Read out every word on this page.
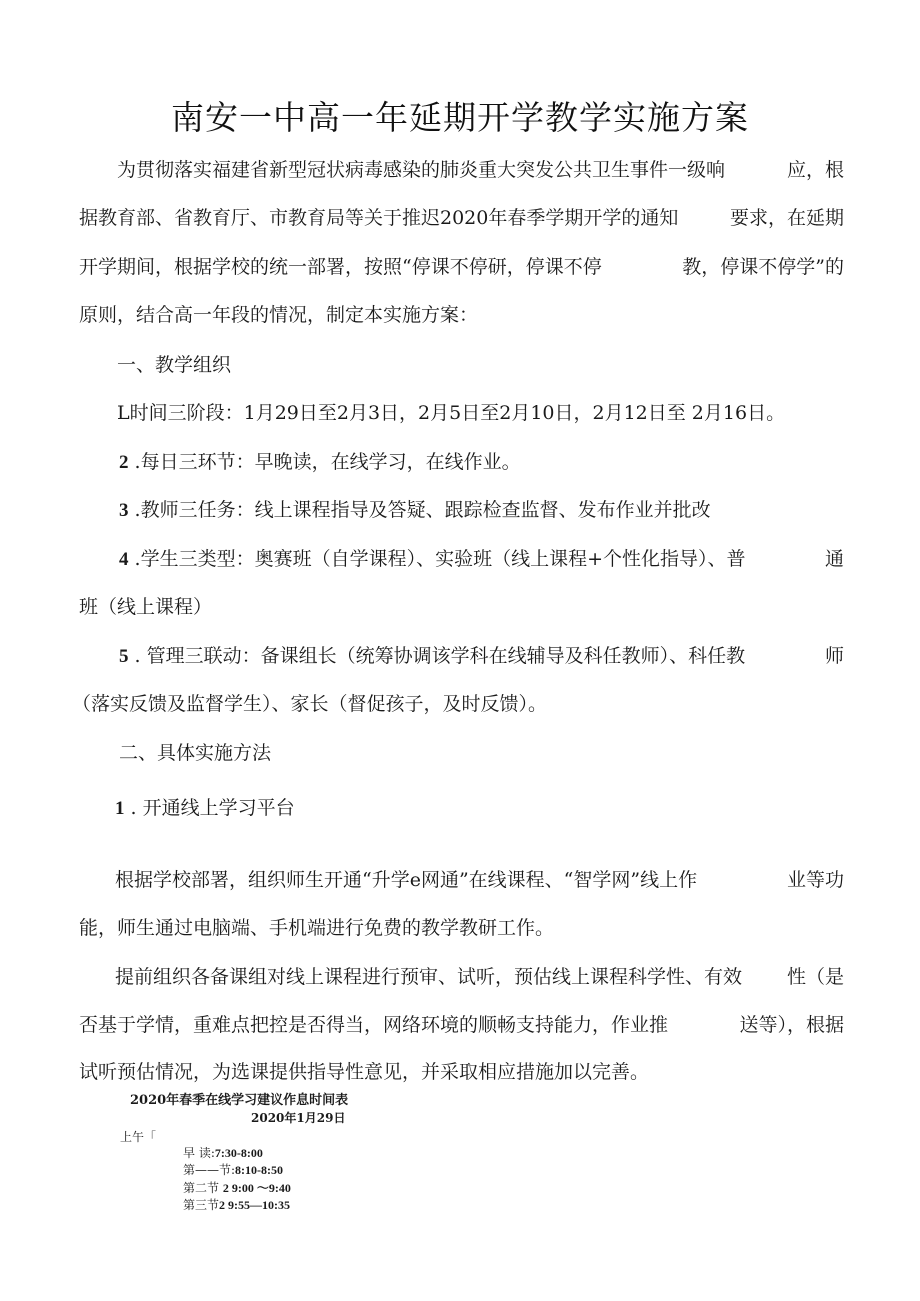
南安一中高一年延期开学教学实施方案
为贯彻落实福建省新型冠状病毒感染的肺炎重大突发公共卫生事件一级响	应，根
据教育部、省教育厅、市教育局等关于推迟2020年春季学期开学的通知	要求，在延期
开学期间，根据学校的统一部署，按照“停课不停研，停课不停	教，停课不停学”的
原则，结合高一年段的情况，制定本实施方案：
一、教学组织
L时间三阶段：1月29日至2月3日，2月5日至2月10日，2月12日至 2月16日。
2 .每日三环节：早晚读，在线学习，在线作业。
3 .教师三任务：线上课程指导及答疑、跟踪检查监督、发布作业并批改
4 .学生三类型：奥赛班（自学课程）、实验班（线上课程+个性化指导）、普	通
班（线上课程）
5 . 管理三联动：备课组长（统筹协调该学科在线辅导及科任教师）、科任教	师
（落实反馈及监督学生）、家长（督促孩子，及时反馈）。
二、具体实施方法
1 . 开通线上学习平台
根据学校部署，组织师生开通“升学e网通”在线课程、“智学网”线上作	业等功
能，师生通过电脑端、手机端进行免费的教学教研工作。
提前组织各备课组对线上课程进行预审、试听，预估线上课程科学性、有效 性（是
否基于学情，重难点把控是否得当，网络环境的顺畅支持能力，作业推	送等），根据
试听预估情况，为选课提供指导性意见，并采取相应措施加以完善。
2020年春季在线学习建议作息时间表
2020年1月29日
上午「
早 读:7:30-8:00
第——节:8:10-8:50
第二节 2 9:00 ～9:40
第三节2 9:55—10:35
